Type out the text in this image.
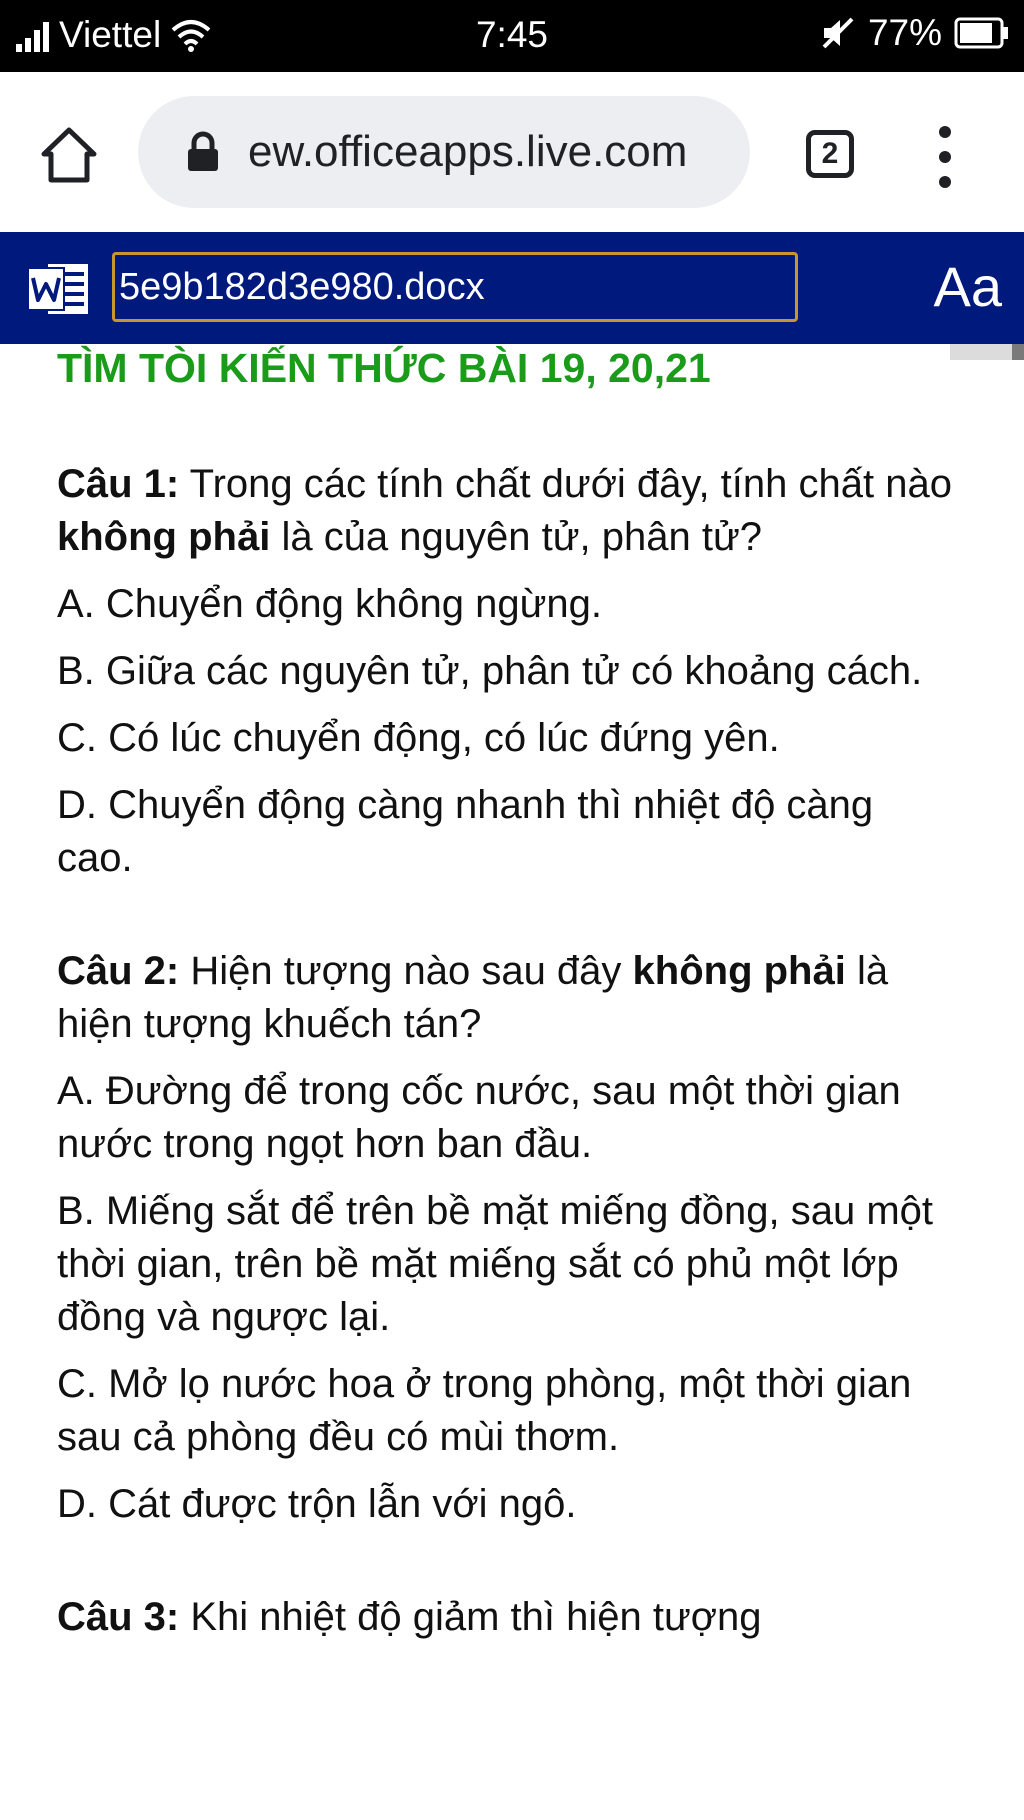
Viettel	7:45	77%
ew.officeapps.live.com	2
5e9b182d3e980.docx	Aa

TÌM TÒI KIẾN THỨC BÀI 19, 20,21

Câu 1: Trong các tính chất dưới đây, tính chất nào không phải là của nguyên tử, phân tử?

A. Chuyển động không ngừng.

B. Giữa các nguyên tử, phân tử có khoảng cách.

C. Có lúc chuyển động, có lúc đứng yên.

D. Chuyển động càng nhanh thì nhiệt độ càng cao.

Câu 2: Hiện tượng nào sau đây không phải là hiện tượng khuếch tán?

A. Đường để trong cốc nước, sau một thời gian nước trong ngọt hơn ban đầu.

B. Miếng sắt để trên bề mặt miếng đồng, sau một thời gian, trên bề mặt miếng sắt có phủ một lớp đồng và ngược lại.

C. Mở lọ nước hoa ở trong phòng, một thời gian sau cả phòng đều có mùi thơm.

D. Cát được trộn lẫn với ngô.

Câu 3: Khi nhiệt độ giảm thì hiện tượng
